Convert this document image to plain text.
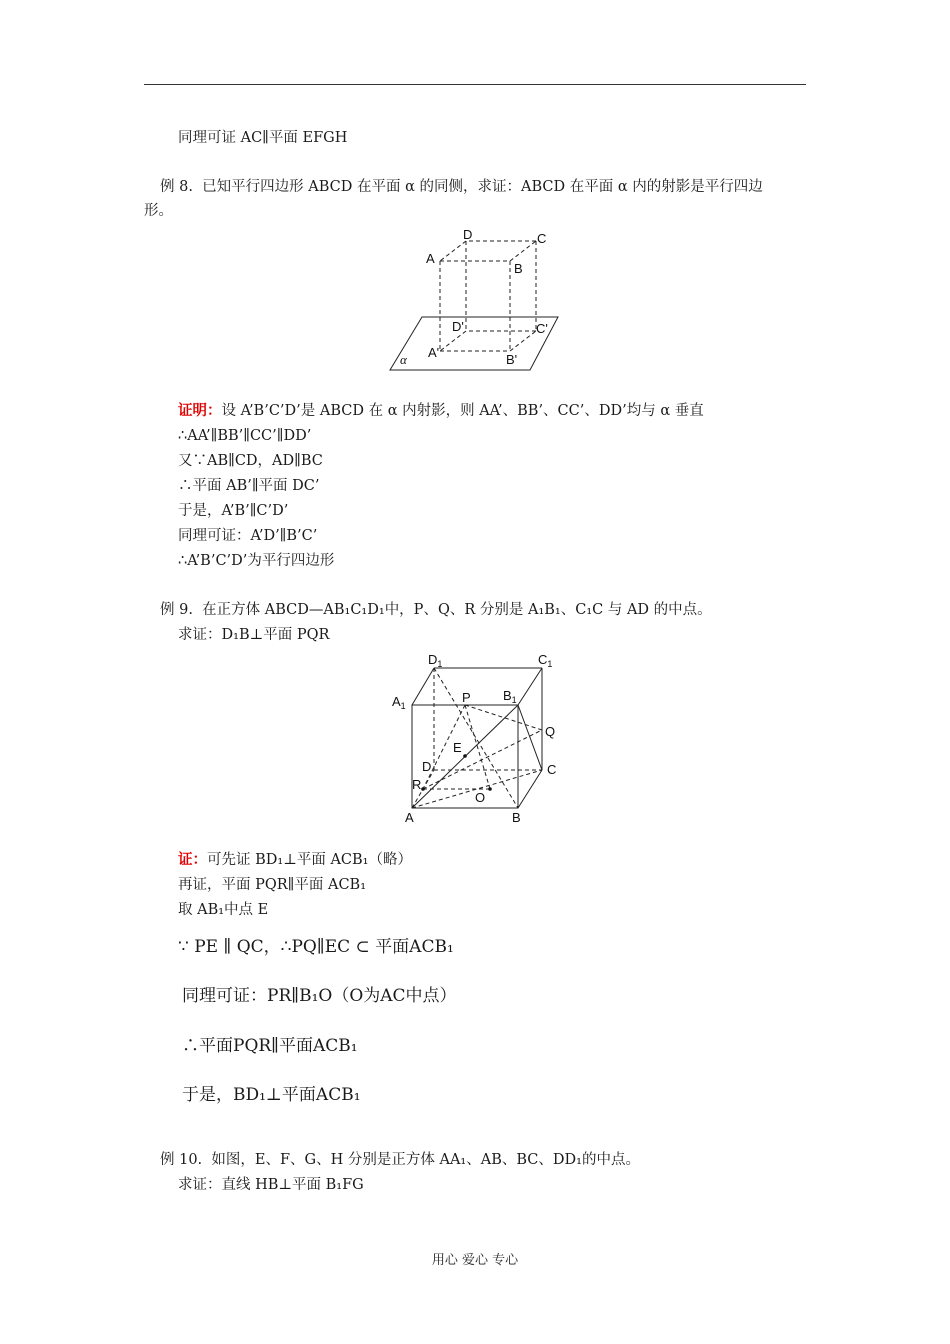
同理可证 AC∥平面 EFGH
例 8.  已知平行四边形 ABCD 在平面 α 的同侧，求证：ABCD 在平面 α 内的射影是平行四边
形。
A
B
C
D
A'	B'
C'
D'
α
证明：设 A’B’C’D’是 ABCD 在 α 内射影，则 AA’、BB’、CC’、DD’均与 α 垂直
∴AA’∥BB’∥CC’∥DD’
又∵AB∥CD，AD∥BC
∴平面 AB’∥平面 DC’
于是，A’B’∥C’D’
同理可证：A’D’∥B’C’
∴A’B’C’D’为平行四边形
例 9.  在正方体 ABCD—AB₁C₁D₁中，P、Q、R 分别是 A₁B₁、C₁C 与 AD 的中点。
求证：D₁B⊥平面 PQR
$D_1$	$C_1$
$A_1$
$B_1$
P
Q
E
D	C
R
O
A	B
证：可先证 BD₁⊥平面 ACB₁（略）
再证，平面 PQR∥平面 ACB₁
取 AB₁中点 E
∵ PE ∥ QC，∴PQ∥EC ⊂ 平面ACB₁
同理可证：PR∥B₁O（O为AC中点）
∴平面PQR∥平面ACB₁
于是，BD₁⊥平面ACB₁
例 10.  如图，E、F、G、H 分别是正方体 AA₁、AB、BC、DD₁的中点。
求证：直线 HB⊥平面 B₁FG
用心 爱心 专心
